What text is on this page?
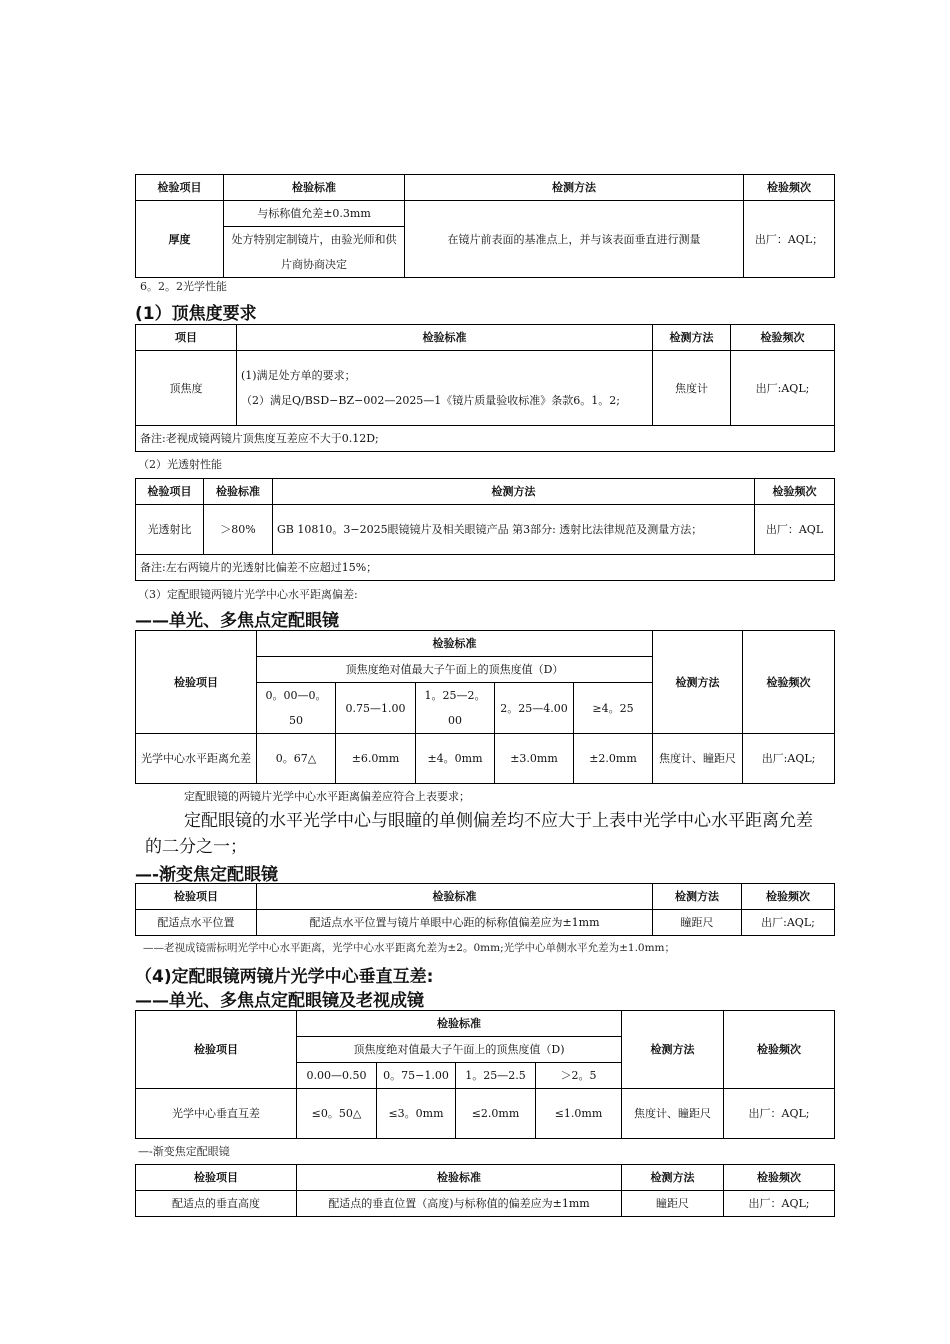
检验项目	检验标准	检测方法	检验频次
厚度	与标称值允差±0.3mm	在镜片前表面的基准点上，并与该表面垂直进行测量	出厂：AQL；
	处方特别定制镜片，由验光师和供片商协商决定		
6。2。2光学性能
(1）顶焦度要求
项目	检验标准	检测方法	检验频次
顶焦度	(1)满足处方单的要求；
（2）满足Q/BSD−BZ−002—2025—1《镜片质量验收标准》条款6。1。2;	焦度计	出厂:AQL;
备注:老视成镜两镜片顶焦度互差应不大于0.12D;			
（2）光透射性能
检验项目	检验标准	检测方法	检验频次
光透射比	＞80%	GB 10810。3−2025眼镜镜片及相关眼镜产品 第3部分: 透射比法律规范及测量方法；	出厂：AQL
备注:左右两镜片的光透射比偏差不应超过15%；			
（3）定配眼镜两镜片光学中心水平距离偏差:
——单光、多焦点定配眼镜
检验项目	检验标准					检测方法	检验频次
	顶焦度绝对值最大子午面上的顶焦度值（D）						
	0。00—0。50	0.75—1.00	1。25—2。00	2。25—4.00	≥4。25		
光学中心水平距离允差	0。67△	±6.0mm	±4。0mm	±3.0mm	±2.0mm	焦度计、瞳距尺	出厂:AQL;
定配眼镜的两镜片光学中心水平距离偏差应符合上表要求；
定配眼镜的水平光学中心与眼瞳的单侧偏差均不应大于上表中光学中心水平距离允差的二分之一；
—-渐变焦定配眼镜
检验项目	检验标准	检测方法	检验频次
配适点水平位置	配适点水平位置与镜片单眼中心距的标称值偏差应为±1mm	瞳距尺	出厂:AQL;
——老视成镜需标明光学中心水平距离，光学中心水平距离允差为±2。0mm;光学中心单侧水平允差为±1.0mm；
（4)定配眼镜两镜片光学中心垂直互差:
——单光、多焦点定配眼镜及老视成镜
检验项目	检验标准				检测方法	检验频次
	顶焦度绝对值最大子午面上的顶焦度值（D)					
	0.00—0.50	0。75−1.00	1。25—2.5	＞2。5		
光学中心垂直互差	≤0。50△	≤3。0mm	≤2.0mm	≤1.0mm	焦度计、瞳距尺	出厂：AQL;
—-渐变焦定配眼镜
检验项目	检验标准	检测方法	检验频次
配适点的垂直高度	配适点的垂直位置（高度)与标称值的偏差应为±1mm	瞳距尺	出厂：AQL;
